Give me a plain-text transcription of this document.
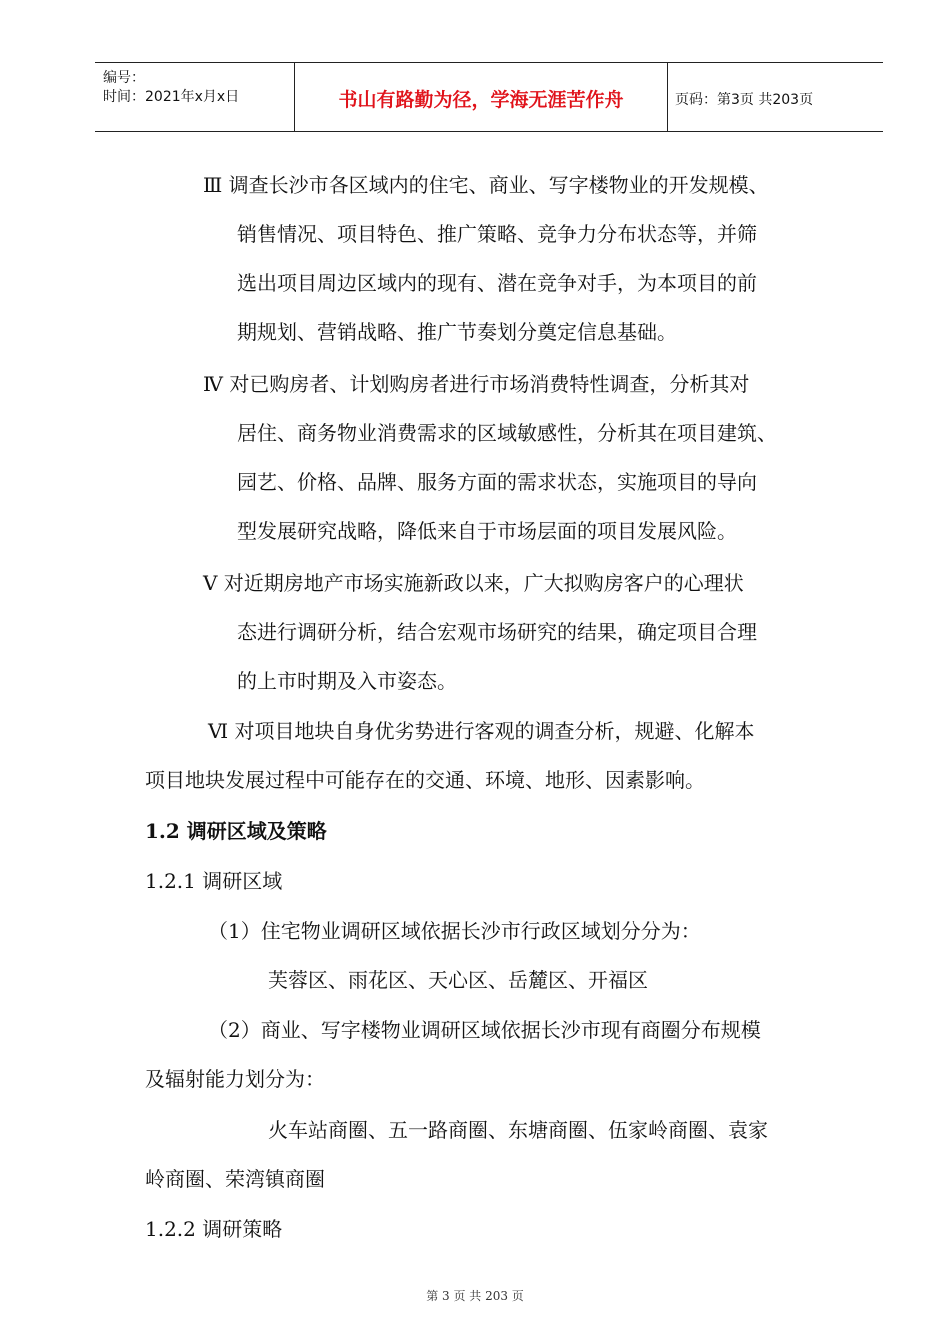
编号：
时间：2021年x月x日	书山有路勤为径，学海无涯苦作舟	页码：第3页 共203页
Ⅲ 调查长沙市各区域内的住宅、商业、写字楼物业的开发规模、
销售情况、项目特色、推广策略、竞争力分布状态等，并筛
选出项目周边区域内的现有、潜在竞争对手，为本项目的前
期规划、营销战略、推广节奏划分奠定信息基础。
Ⅳ 对已购房者、计划购房者进行市场消费特性调查，分析其对
居住、商务物业消费需求的区域敏感性，分析其在项目建筑、
园艺、价格、品牌、服务方面的需求状态，实施项目的导向
型发展研究战略，降低来自于市场层面的项目发展风险。
Ⅴ 对近期房地产市场实施新政以来，广大拟购房客户的心理状
态进行调研分析，结合宏观市场研究的结果，确定项目合理
的上市时期及入市姿态。
Ⅵ 对项目地块自身优劣势进行客观的调查分析，规避、化解本
项目地块发展过程中可能存在的交通、环境、地形、因素影响。
1.2 调研区域及策略
1.2.1 调研区域
（1）住宅物业调研区域依据长沙市行政区域划分分为：
芙蓉区、雨花区、天心区、岳麓区、开福区
（2）商业、写字楼物业调研区域依据长沙市现有商圈分布规模
及辐射能力划分为：
火车站商圈、五一路商圈、东塘商圈、伍家岭商圈、袁家
岭商圈、荣湾镇商圈
1.2.2 调研策略
第 3 页 共 203 页
